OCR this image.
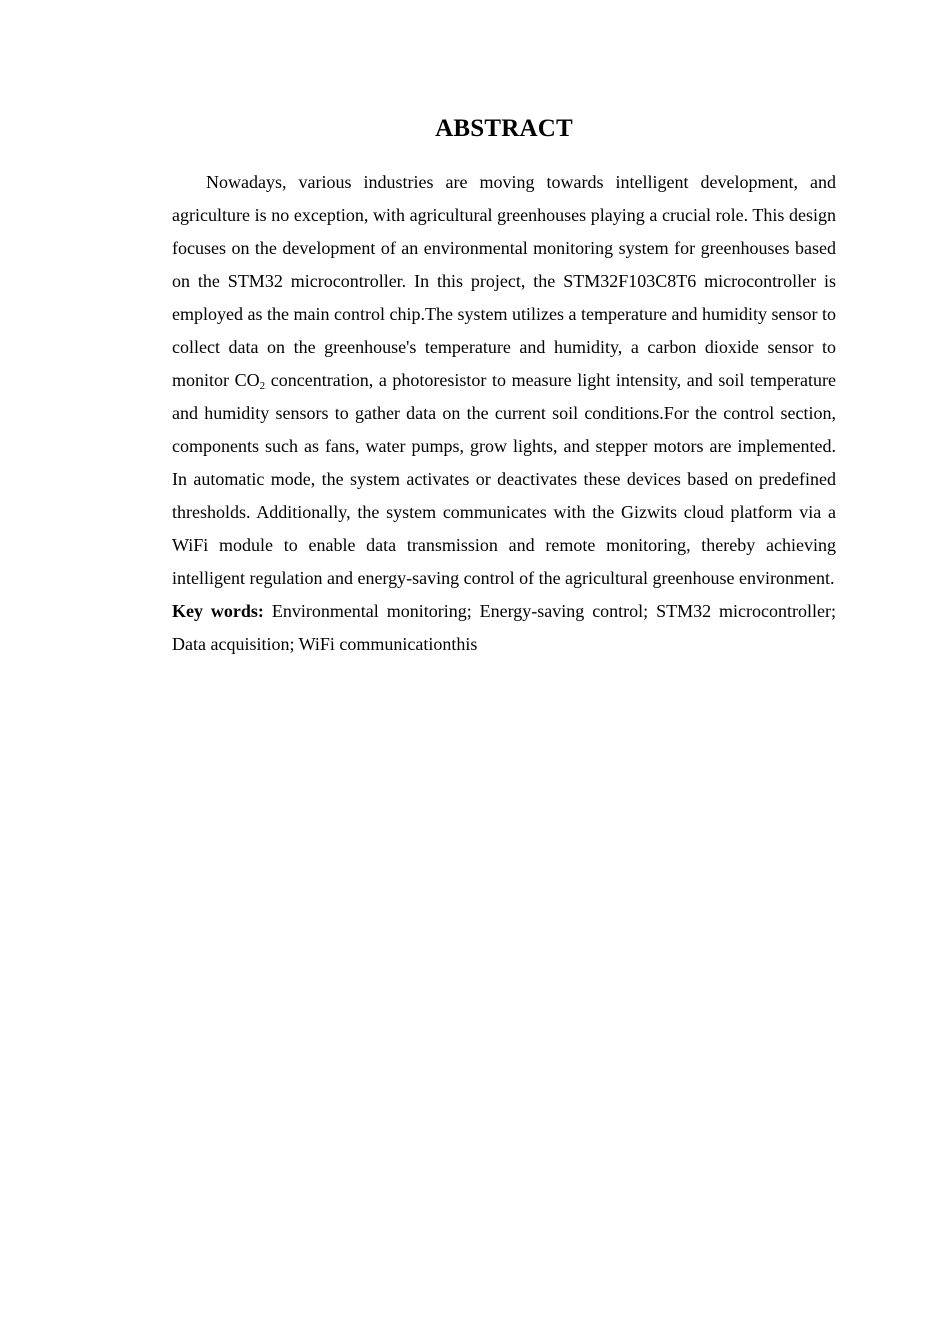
ABSTRACT

Nowadays, various industries are moving towards intelligent development, and agriculture is no exception, with agricultural greenhouses playing a crucial role. This design focuses on the development of an environmental monitoring system for greenhouses based on the STM32 microcontroller. In this project, the STM32F103C8T6 microcontroller is employed as the main control chip.The system utilizes a temperature and humidity sensor to collect data on the greenhouse's temperature and humidity, a carbon dioxide sensor to monitor $CO_2$ concentration, a photoresistor to measure light intensity, and soil temperature and humidity sensors to gather data on the current soil conditions.For the control section, components such as fans, water pumps, grow lights, and stepper motors are implemented. In automatic mode, the system activates or deactivates these devices based on predefined thresholds. Additionally, the system communicates with the Gizwits cloud platform via a WiFi module to enable data transmission and remote monitoring, thereby achieving intelligent regulation and energy-saving control of the agricultural greenhouse environment.

Key words: Environmental monitoring; Energy-saving control; STM32 microcontroller; Data acquisition; WiFi communicationthis
